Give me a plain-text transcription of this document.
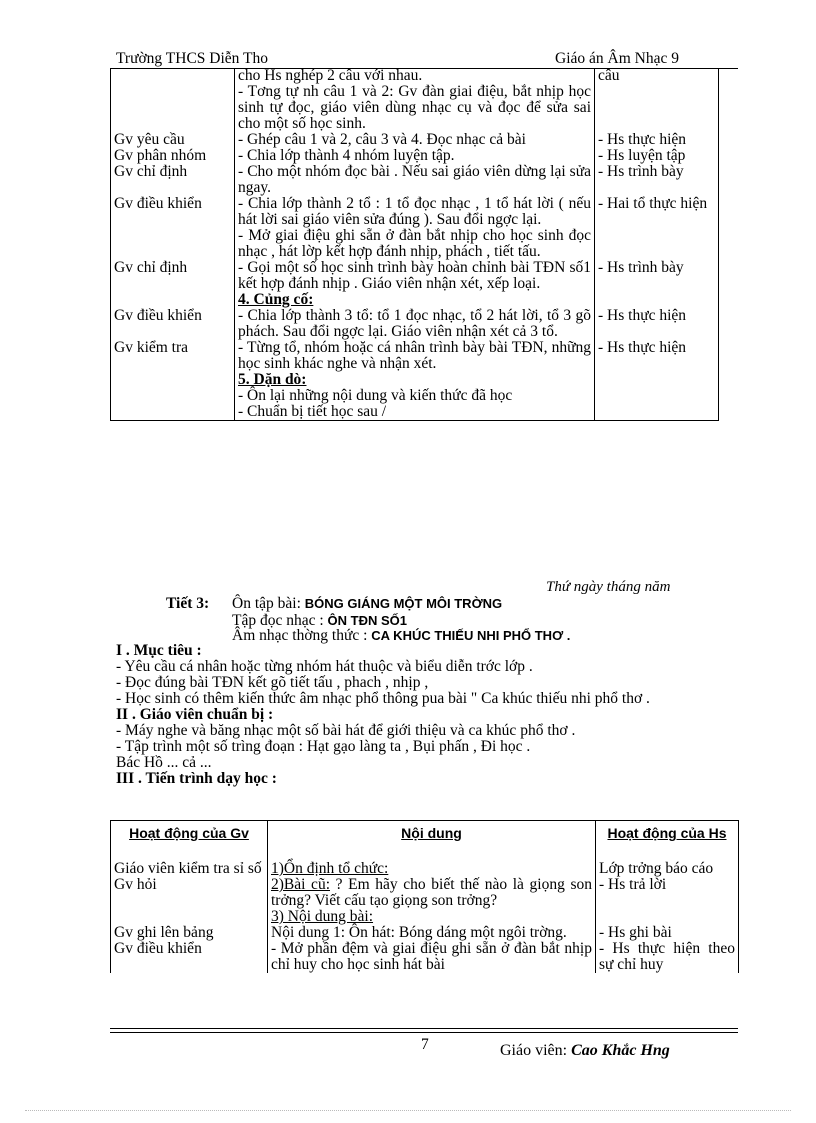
Trường THCS Diễn Tho	Giáo án Âm Nhạc 9

	cho Hs nghép 2 câu với nhau.
- Tơng tự nh câu 1 và 2: Gv đàn giai điệu, bắt nhịp học sinh tự đọc, giáo viên dùng nhạc cụ và đọc để sửa sai cho một số học sinh.	câu
Gv yêu cầu	- Ghép câu 1 và 2, câu 3 và 4. Đọc nhạc cả bài	- Hs thực hiện
Gv phân nhóm	- Chia lớp thành 4 nhóm luyện tập.	- Hs luyện tập
Gv chỉ định	- Cho một nhóm đọc bài . Nếu sai giáo viên dừng lại sửa ngay.	- Hs trình bày
Gv điều khiển	- Chia lớp thành 2 tổ : 1 tổ đọc nhạc , 1 tổ hát lời ( nếu hát lời sai giáo viên sửa đúng ). Sau đổi ngợc lại.
- Mở giai điệu ghi sẵn ở đàn bắt nhịp cho học sinh đọc nhạc , hát lờp kết hợp đánh nhịp, phách , tiết tấu.	- Hai tổ thực hiện
Gv chỉ định	- Gọi một số học sinh trình bày hoàn chỉnh bài TĐN số1 kết hợp đánh nhịp . Giáo viên nhận xét, xếp loại.	- Hs trình bày

	4. Củng cố:	

Gv điều khiển	- Chia lớp thành 3 tổ: tổ 1 đọc nhạc, tổ 2 hát lời, tổ 3 gõ phách. Sau đổi ngợc lại. Giáo viên nhận xét cả 3 tổ.	- Hs thực hiện
Gv kiểm tra	- Từng tổ, nhóm hoặc cá nhân trình bày bài TĐN, những học sinh khác nghe và nhận xét.	- Hs thực hiện

	5. Dặn dò:
- Ôn lại những nội dung và kiến thức đã học
- Chuẩn bị tiết học sau /	

Thứ ngày tháng năm
Tiết 3: Ôn tập bài: BÓNG GIÁNG MỘT MÔI TRỜNG
Tập đọc nhạc : ÔN TĐN SỐ1
Âm nhạc thờng thức : CA KHÚC THIẾU NHI PHỔ THƠ .
I . Mục tiêu :
- Yêu cầu cá nhân hoặc từng nhóm hát thuộc và biểu diễn trớc lớp .
- Đọc đúng bài TĐN kết gõ tiết tấu , phach , nhịp ,
- Học sinh có thêm kiến thức âm nhạc phổ thông pua bài " Ca khúc thiếu nhi phổ thơ .
II . Giáo viên chuẩn bị :
- Máy nghe và băng nhạc một số bài hát để giới thiệu và ca khúc phổ thơ .
- Tập trình một số trìng đoạn : Hạt gạo làng ta , Bụi phấn , Đi học .
Bác Hồ ... cả ...
III . Tiến trình dạy học :
Hoạt động của Gv	Nội dung	Hoạt động của Hs
Giáo viên kiểm tra sỉ số	1)Ổn định tổ chức:	Lớp trởng báo cáo
Gv hỏi	2)Bài cũ: ? Em hãy cho biết thế nào là giọng son trởng? Viết cấu tạo giọng son trởng?	- Hs trả lời
	3) Nội dung bài:	
Gv ghi lên bảng	Nội dung 1: Ôn hát: Bóng dáng một ngôi trờng.	- Hs ghi bài
Gv điều khiển	- Mở phần đệm và giai điệu ghi sẵn ở đàn bắt nhịp chỉ huy cho học sinh hát bài	- Hs thực hiện theo sự chỉ huy
7	Giáo viên: Cao Khắc Hng
